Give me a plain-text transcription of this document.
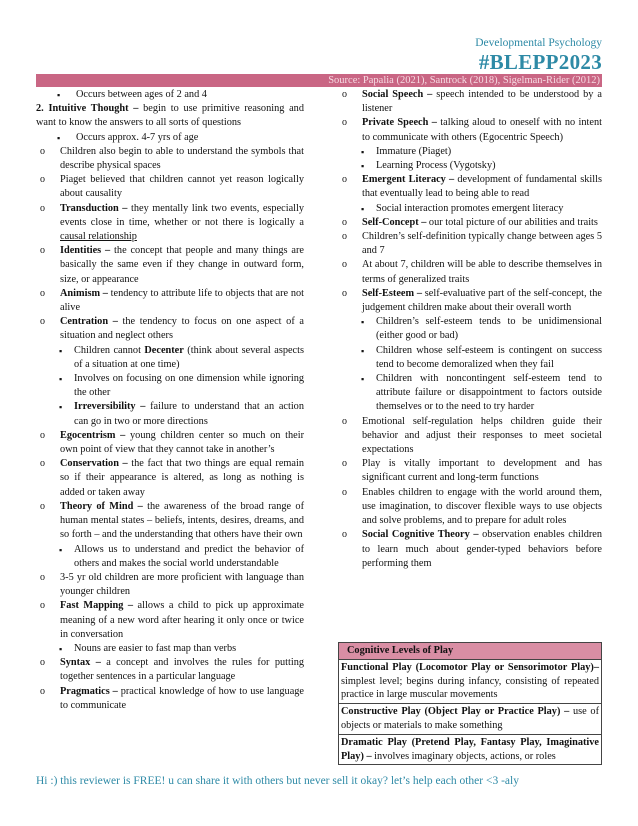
Developmental Psychology
#BLEPP2023
Source: Papalia (2021), Santrock (2018), Sigelman-Rider (2012)

▪ Occurs between ages of 2 and 4

2. Intuitive Thought – begin to use primitive reasoning and want to know the answers to all sorts of questions

▪ Occurs approx. 4-7 yrs of age

o Children also begin to able to understand the symbols that describe physical spaces

o Piaget believed that children cannot yet reason logically about causality

o Transduction – they mentally link two events, especially events close in time, whether or not there is logically a causal relationship

o Identities – the concept that people and many things are basically the same even if they change in outward form, size, or appearance

o Animism – tendency to attribute life to objects that are not alive

o Centration – the tendency to focus on one aspect of a situation and neglect others

▪ Children cannot Decenter (think about several aspects of a situation at one time)

▪ Involves on focusing on one dimension while ignoring the other

▪ Irreversibility – failure to understand that an action can go in two or more directions

o Egocentrism – young children center so much on their own point of view that they cannot take in another’s

o Conservation – the fact that two things are equal remain so if their appearance is altered, as long as nothing is added or taken away

o Theory of Mind – the awareness of the broad range of human mental states – beliefs, intents, desires, dreams, and so forth – and the understanding that others have their own

▪ Allows us to understand and predict the behavior of others and makes the social world understandable

o 3-5 yr old children are more proficient with language than younger children

o Fast Mapping – allows a child to pick up approximate meaning of a new word after hearing it only once or twice in conversation

▪ Nouns are easier to fast map than verbs

o Syntax – a concept and involves the rules for putting together sentences in a particular language

o Pragmatics – practical knowledge of how to use language to communicate

o Social Speech – speech intended to be understood by a listener

o Private Speech – talking aloud to oneself with no intent to communicate with others (Egocentric Speech)

▪ Immature (Piaget)

▪ Learning Process (Vygotsky)

o Emergent Literacy – development of fundamental skills that eventually lead to being able to read

▪ Social interaction promotes emergent literacy

o Self-Concept – our total picture of our abilities and traits

o Children’s self-definition typically change between ages 5 and 7

o At about 7, children will be able to describe themselves in terms of generalized traits

o Self-Esteem – self-evaluative part of the self-concept, the judgement children make about their overall worth

▪ Children’s self-esteem tends to be unidimensional (either good or bad)

▪ Children whose self-esteem is contingent on success tend to become demoralized when they fail

▪ Children with noncontingent self-esteem tend to attribute failure or disappointment to factors outside themselves or to the need to try harder

o Emotional self-regulation helps children guide their behavior and adjust their responses to meet societal expectations

o Play is vitally important to development and has significant current and long-term functions

o Enables children to engage with the world around them, use imagination, to discover flexible ways to use objects and solve problems, and to prepare for adult roles

o Social Cognitive Theory – observation enables children to learn much about gender-typed behaviors before performing them

Cognitive Levels of Play
Functional Play (Locomotor Play or Sensorimotor Play)– simplest level; begins during infancy, consisting of repeated practice in large muscular movements
Constructive Play (Object Play or Practice Play) – use of objects or materials to make something
Dramatic Play (Pretend Play, Fantasy Play, Imaginative Play) – involves imaginary objects, actions, or roles
Hi :) this reviewer is FREE! u can share it with others but never sell it okay? let’s help each other <3 -aly
